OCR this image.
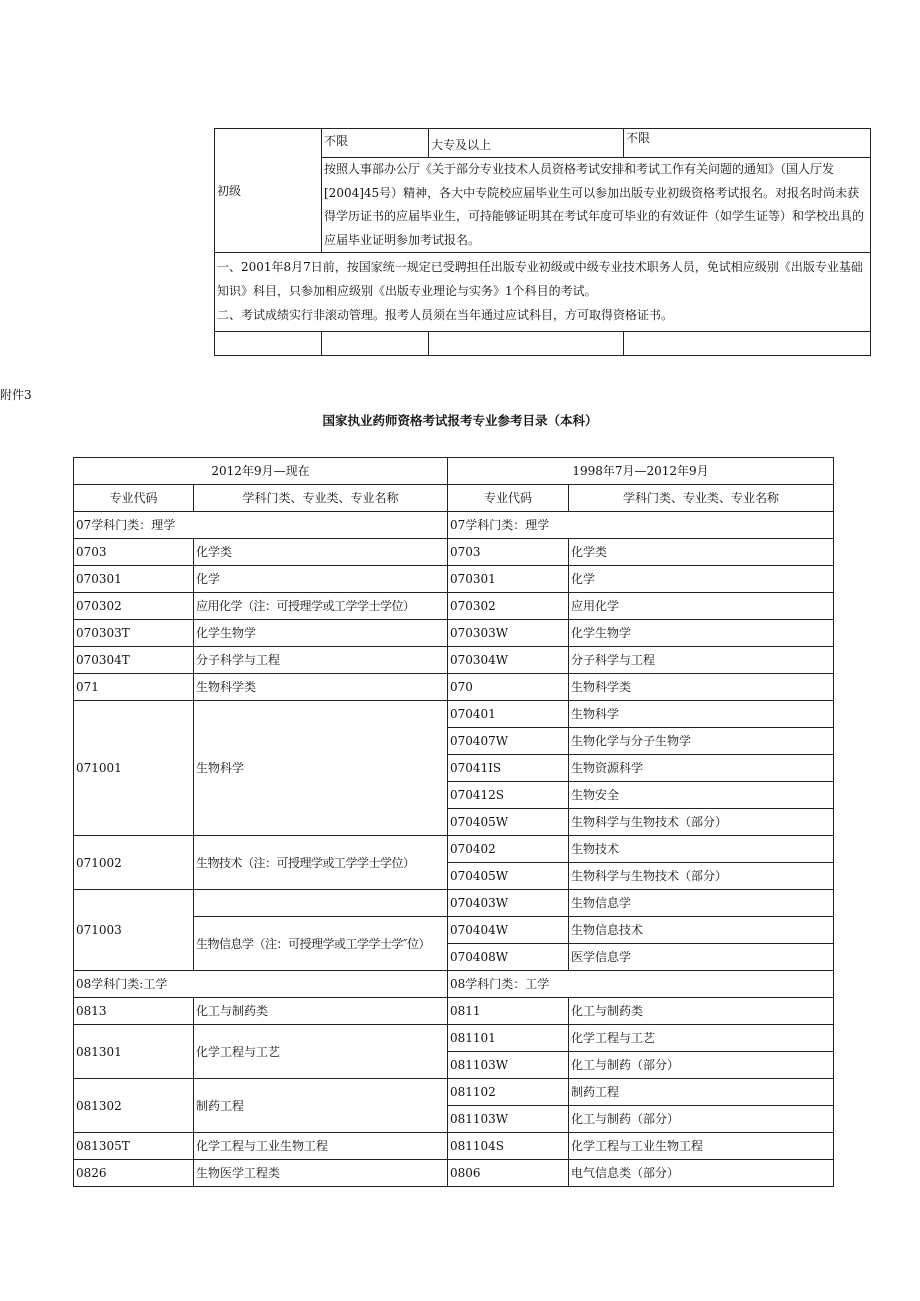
初级	不限	大专及以上	不限
	按照人事部办公厅《关于部分专业技术人员资格考试安排和考试工作有关问题的通知》（国人厅发[2004]45号）精神，各大中专院校应届毕业生可以参加出版专业初级资格考试报名。对报名时尚未获得学历证书的应届毕业生，可持能够证明其在考试年度可毕业的有效证件（如学生证等）和学校出具的应届毕业证明参加考试报名。		

一、2001年8月7日前，按国家统一规定已受聘担任出版专业初级或中级专业技术职务人员，免试相应级别《出版专业基础知识》科目，只参加相应级别《出版专业理论与实务》1个科目的考试。
二、考试成绩实行非滚动管理。报考人员须在当年通过应试科目，方可取得资格证书。			

附件3
国家执业药师资格考试报考专业参考目录（本科）
2012年9月—现在		1998年7月—2012年9月	
专业代码	学科门类、专业类、专业名称	专业代码	学科门类、专业类、专业名称
07学科门类：理学		07学科门类：理学	
0703	化学类	0703	化学类
070301	化学	070301	化学
070302	应用化学（注：可授理学或工学学士学位）	070302	应用化学
070303T	化学生物学	070303W	化学生物学
070304T	分子科学与工程	070304W	分子科学与工程
071	生物科学类	070	生物科学类
071001	生物科学	070401	生物科学
		070407W	生物化学与分子生物学
		07041IS	生物资源科学
		070412S	生物安全
		070405W	生物科学与生物技术（部分）
071002	生物技术（注：可授理学或工学学士学位）	070402	生物技术
		070405W	生物科学与生物技术（部分）
071003		070403W	生物信息学
	生物信息学（注：可授理学或工学学士学″位）	070404W	生物信息技术
		070408W	医学信息学
08学科门类:工学		08学科门类：工学	
0813	化工与制药类	0811	化工与制药类
081301	化学工程与工艺	081101	化学工程与工艺
		081103W	化工与制药（部分）
081302	制药工程	081102	制药工程
		081103W	化工与制药（部分）
081305T	化学工程与工业生物工程	081104S	化学工程与工业生物工程
0826	生物医学工程类	0806	电气信息类（部分）
